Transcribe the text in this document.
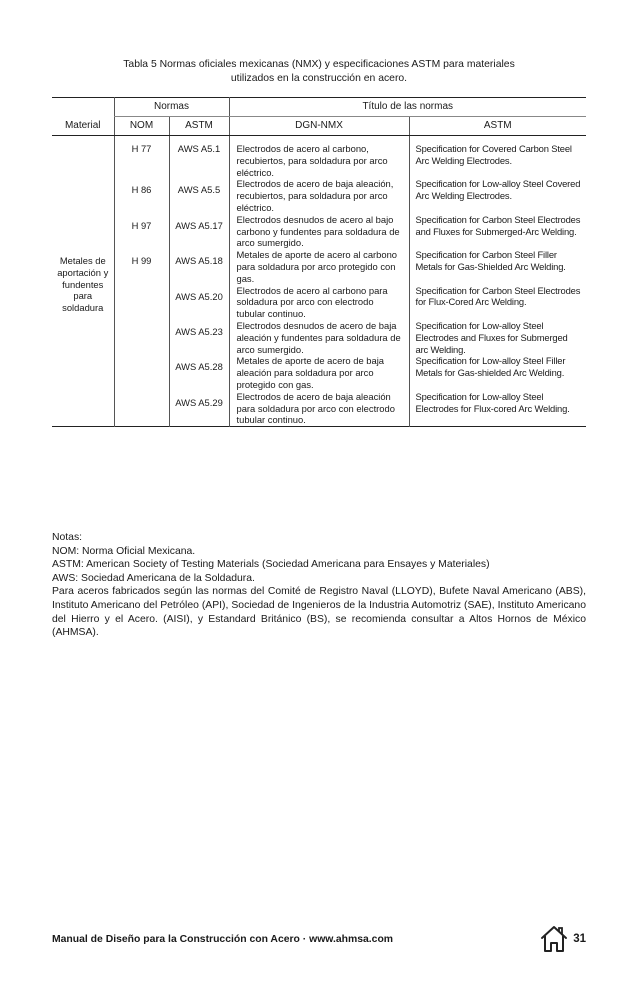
Tabla 5 Normas oficiales mexicanas (NMX) y especificaciones ASTM para materiales
utilizados en la construcción en acero.
	Normas		Título de las normas	
Material	NOM	ASTM	DGN-NMX	ASTM
Metales de aportación y fundentes para soldadura	H 77	AWS A5.1	Electrodos de acero al carbono, recubiertos, para soldadura por arco eléctrico.	Specification for Covered Carbon Steel Arc Welding Electrodes.
	H 86	AWS A5.5	Electrodos de acero de baja aleación, recubiertos, para soldadura por arco eléctrico.	Specification for Low-alloy Steel Covered Arc Welding Electrodes.
	H 97	AWS A5.17	Electrodos desnudos de acero al bajo carbono y fundentes para soldadura de arco sumergido.	Specification for Carbon Steel Electrodes and Fluxes for Submerged-Arc Welding.
	H 99	AWS A5.18	Metales de aporte de acero al carbono para soldadura por arco protegido con gas.	Specification for Carbon Steel Filler Metals for Gas-Shielded Arc Welding.
		AWS A5.20	Electrodos de acero al carbono para soldadura por arco con electrodo tubular continuo.	Specification for Carbon Steel Electrodes for Flux-Cored Arc Welding.
		AWS A5.23	Electrodos desnudos de acero de baja aleación y fundentes para soldadura de arco sumergido.	Specification for Low-alloy Steel Electrodes and Fluxes for Submerged arc Welding.
		AWS A5.28	Metales de aporte de acero de baja aleación para soldadura por arco protegido con gas.	Specification for Low-alloy Steel Filler Metals for Gas-shielded Arc Welding.
		AWS A5.29	Electrodos de acero de baja aleación para soldadura por arco con electrodo tubular continuo.	Specification for Low-alloy Steel Electrodes for Flux-cored Arc Welding.

Notas:

NOM: Norma Oficial Mexicana.

ASTM: American Society of Testing Materials (Sociedad Americana para Ensayes y Materiales)

AWS: Sociedad Americana de la Soldadura.

Para aceros fabricados según las normas del Comité de Registro Naval (LLOYD), Bufete Naval Americano (ABS), Instituto Americano del Petróleo (API), Sociedad de Ingenieros de la Industria Automotriz (SAE), Instituto Americano del Hierro y el Acero. (AISI), y Estandard Británico (BS), se recomienda consultar a Altos Hornos de México (AHMSA).

Manual de Diseño para la Construcción con Acero · www.ahmsa.com	31
